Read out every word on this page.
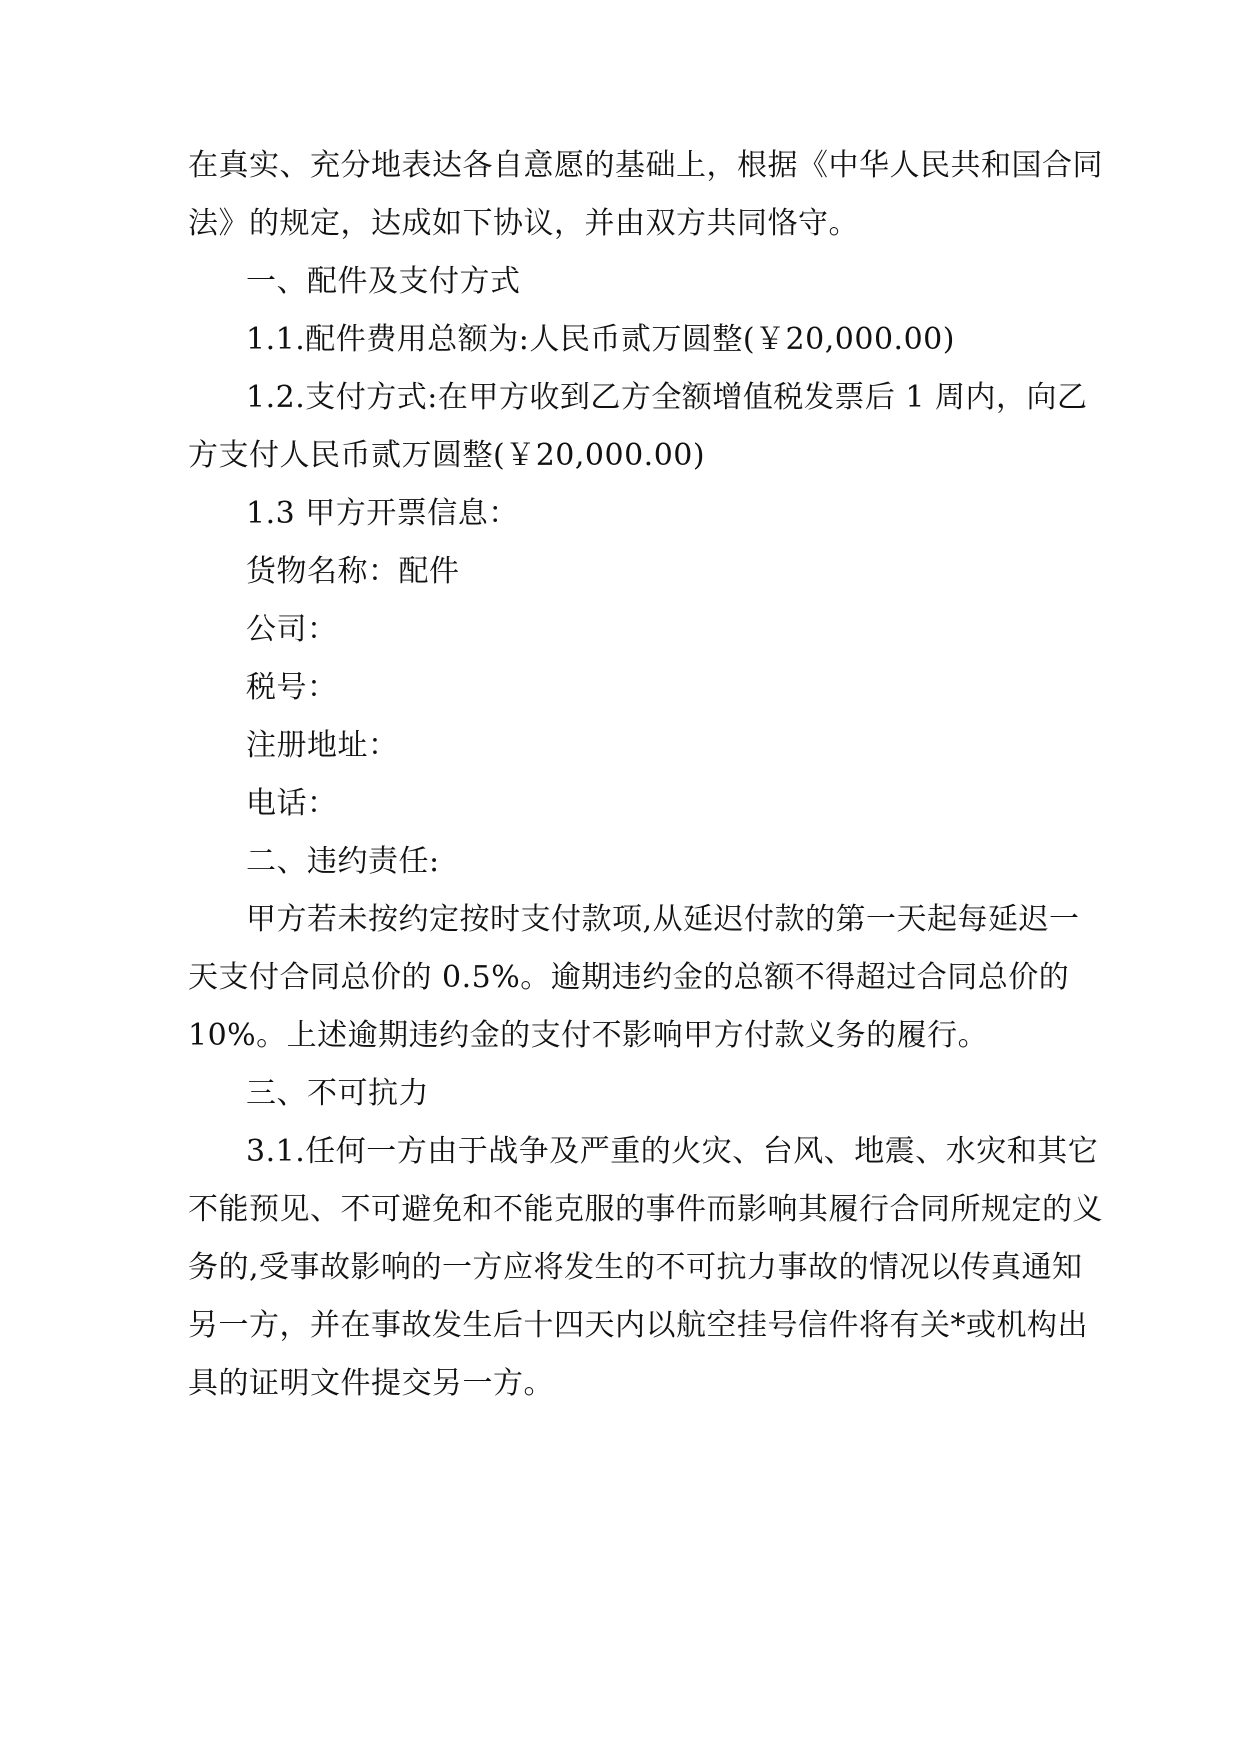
在真实、充分地表达各自意愿的基础上，根据《中华人民共和国合同
法》的规定，达成如下协议，并由双方共同恪守。
一、配件及支付方式
1.1.配件费用总额为:人民币贰万圆整(￥20,000.00)
1.2.支付方式:在甲方收到乙方全额增值税发票后 1 周内，向乙
方支付人民币贰万圆整(￥20,000.00)
1.3 甲方开票信息：
货物名称：配件
公司：
税号：
注册地址：
电话：
二、违约责任:
甲方若未按约定按时支付款项,从延迟付款的第一天起每延迟一
天支付合同总价的 0.5%。逾期违约金的总额不得超过合同总价的
10%。上述逾期违约金的支付不影响甲方付款义务的履行。
三、不可抗力
3.1.任何一方由于战争及严重的火灾、台风、地震、水灾和其它
不能预见、不可避免和不能克服的事件而影响其履行合同所规定的义
务的,受事故影响的一方应将发生的不可抗力事故的情况以传真通知
另一方，并在事故发生后十四天内以航空挂号信件将有关*或机构出
具的证明文件提交另一方。
